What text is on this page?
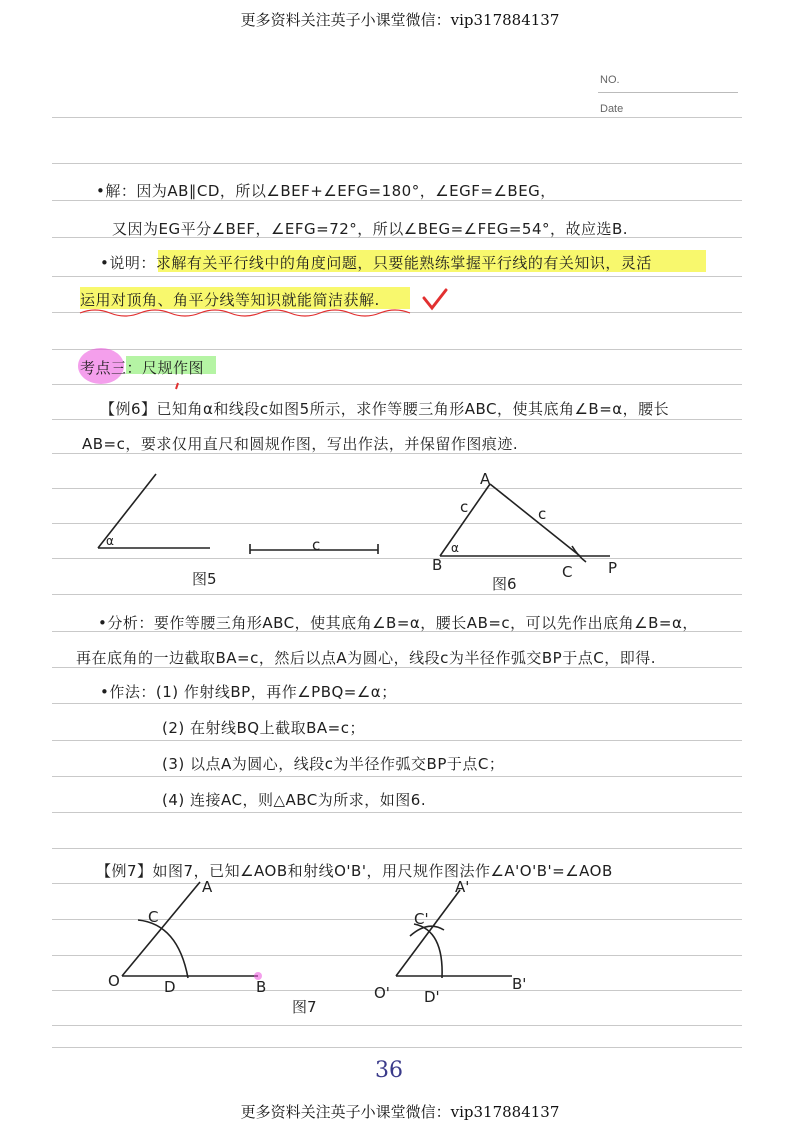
更多资料关注英子小课堂微信：vip317884137
更多资料关注英子小课堂微信：vip317884137
NO.
Date
•解：因为AB∥CD，所以∠BEF+∠EFG=180°，∠EGF=∠BEG，
又因为EG平分∠BEF，∠EFG=72°，所以∠BEG=∠FEG=54°，故应选B.
•说明：求解有关平行线中的角度问题，只要能熟练掌握平行线的有关知识，灵活
运用对顶角、角平分线等知识就能简洁获解.
考点三：尺规作图
【例6】已知角α和线段c如图5所示，求作等腰三角形ABC，使其底角∠B=α，腰长
AB=c，要求仅用直尺和圆规作图，写出作法，并保留作图痕迹.
α	c
图5
A
B	C P
c	c
α
图6
•分析：要作等腰三角形ABC，使其底角∠B=α，腰长AB=c，可以先作出底角∠B=α，
再在底角的一边截取BA=c，然后以点A为圆心，线段c为半径作弧交BP于点C，即得.
•作法：(1) 作射线BP，再作∠PBQ=∠α；
(2) 在射线BQ上截取BA=c；
(3) 以点A为圆心，线段c为半径作弧交BP于点C；
(4) 连接AC，则△ABC为所求，如图6.
【例7】如图7，已知∠AOB和射线O'B'，用尺规作图法作∠A'O'B'=∠AOB
O
A
B
C
D	O'
A'
B'
C'
D'
图7
36
